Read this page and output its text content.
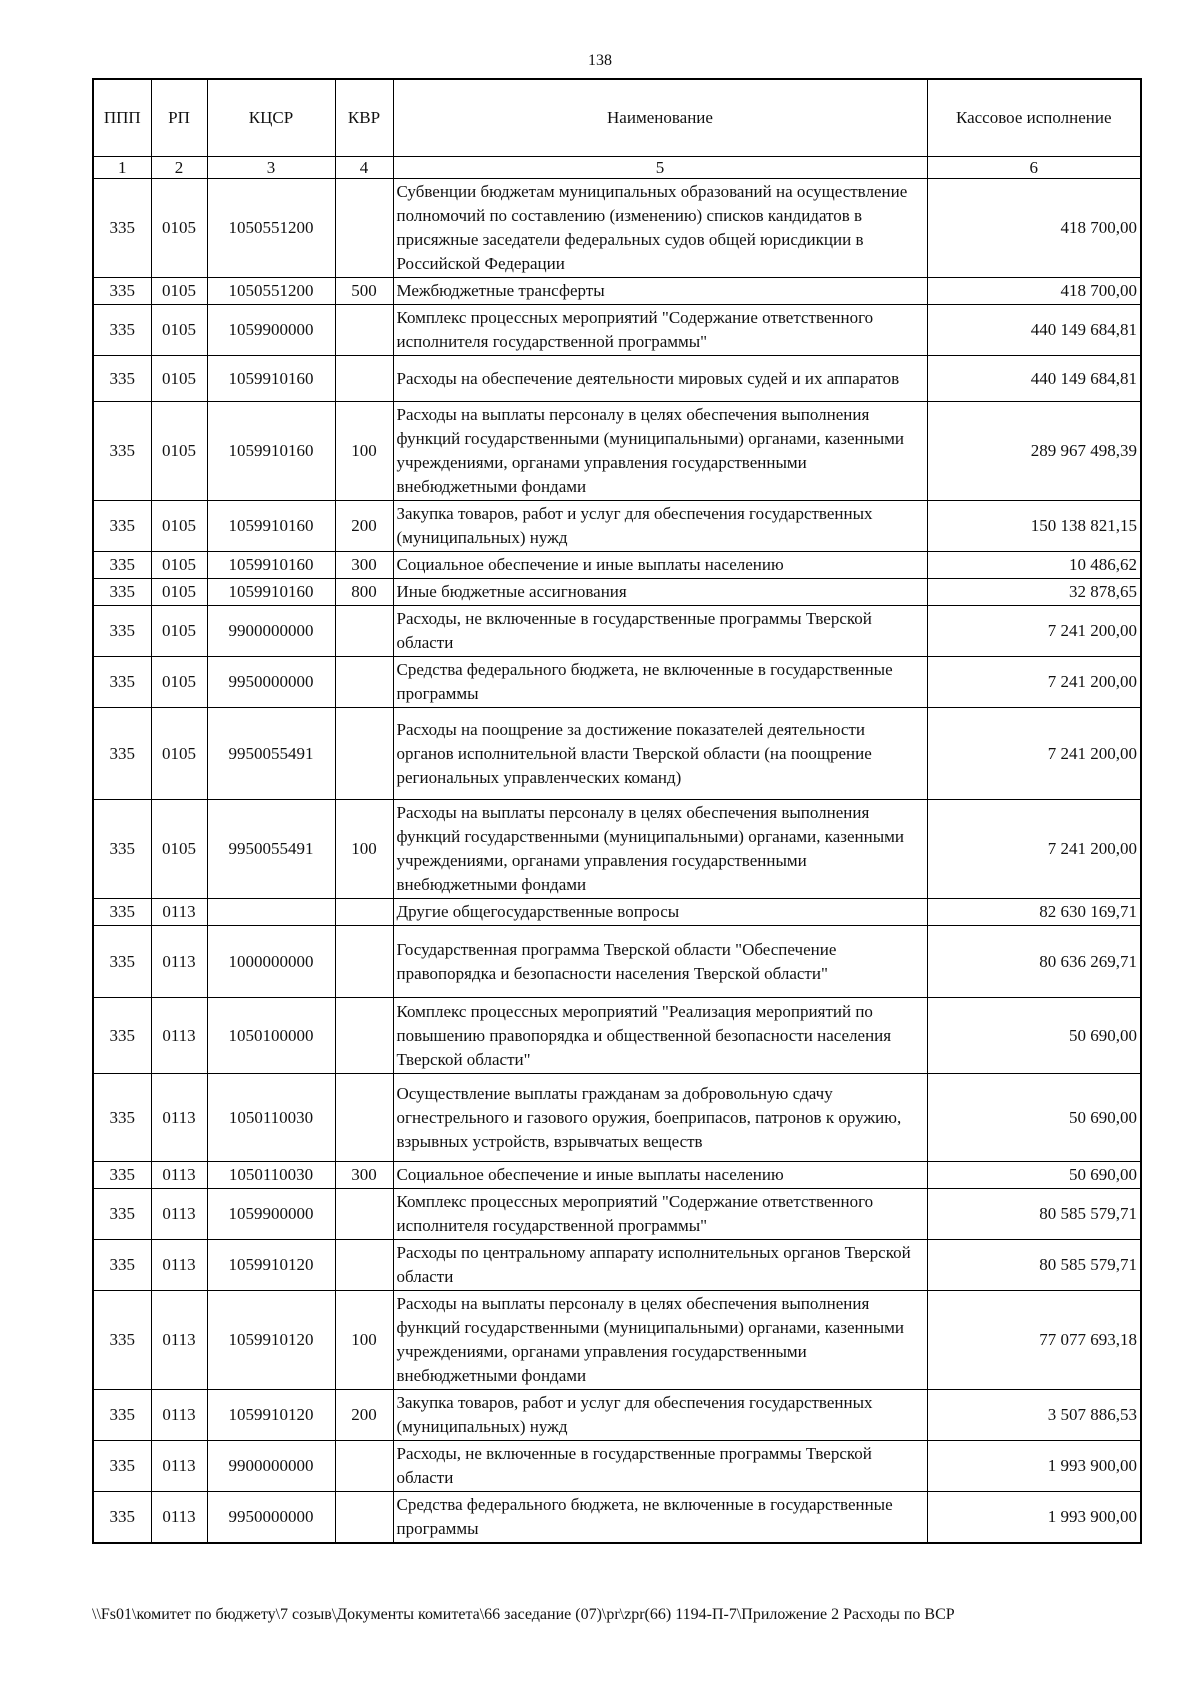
138
ППП	РП	КЦСР	КВР	Наименование	Кассовое исполнение
1	2	3	4	5	6
335	0105	1050551200		Субвенции бюджетам муниципальных образований на осуществление полномочий по составлению (изменению) списков кандидатов в присяжные заседатели федеральных судов общей юрисдикции в Российской Федерации	418 700,00
335	0105	1050551200	500	Межбюджетные трансферты	418 700,00
335	0105	1059900000		Комплекс процессных мероприятий "Содержание ответственного исполнителя государственной программы"	440 149 684,81
335	0105	1059910160		Расходы на обеспечение деятельности мировых судей и их аппаратов	440 149 684,81
335	0105	1059910160	100	Расходы на выплаты персоналу в целях обеспечения выполнения функций государственными (муниципальными) органами, казенными учреждениями, органами управления государственными внебюджетными фондами	289 967 498,39
335	0105	1059910160	200	Закупка товаров, работ и услуг для обеспечения государственных (муниципальных) нужд	150 138 821,15
335	0105	1059910160	300	Социальное обеспечение и иные выплаты населению	10 486,62
335	0105	1059910160	800	Иные бюджетные ассигнования	32 878,65
335	0105	9900000000		Расходы, не включенные в государственные программы Тверской области	7 241 200,00
335	0105	9950000000		Средства федерального бюджета, не включенные в государственные программы	7 241 200,00
335	0105	9950055491		Расходы на поощрение за достижение показателей деятельности органов исполнительной власти Тверской области (на поощрение региональных управленческих команд)	7 241 200,00
335	0105	9950055491	100	Расходы на выплаты персоналу в целях обеспечения выполнения функций государственными (муниципальными) органами, казенными учреждениями, органами управления государственными внебюджетными фондами	7 241 200,00
335	0113			Другие общегосударственные вопросы	82 630 169,71
335	0113	1000000000		Государственная программа Тверской области "Обеспечение правопорядка и безопасности населения Тверской области"	80 636 269,71
335	0113	1050100000		Комплекс процессных мероприятий "Реализация мероприятий по повышению правопорядка и общественной безопасности населения Тверской области"	50 690,00
335	0113	1050110030		Осуществление выплаты гражданам за добровольную сдачу огнестрельного и газового оружия, боеприпасов, патронов к оружию, взрывных устройств, взрывчатых веществ	50 690,00
335	0113	1050110030	300	Социальное обеспечение и иные выплаты населению	50 690,00
335	0113	1059900000		Комплекс процессных мероприятий "Содержание ответственного исполнителя государственной программы"	80 585 579,71
335	0113	1059910120		Расходы по центральному аппарату исполнительных органов Тверской области	80 585 579,71
335	0113	1059910120	100	Расходы на выплаты персоналу в целях обеспечения выполнения функций государственными (муниципальными) органами, казенными учреждениями, органами управления государственными внебюджетными фондами	77 077 693,18
335	0113	1059910120	200	Закупка товаров, работ и услуг для обеспечения государственных (муниципальных) нужд	3 507 886,53
335	0113	9900000000		Расходы, не включенные в государственные программы Тверской области	1 993 900,00
335	0113	9950000000		Средства федерального бюджета, не включенные в государственные программы	1 993 900,00
\\Fs01\комитет по бюджету\7 созыв\Документы комитета\66 заседание (07)\pr\zpr(66) 1194-П-7\Приложение 2 Расходы по ВСР
